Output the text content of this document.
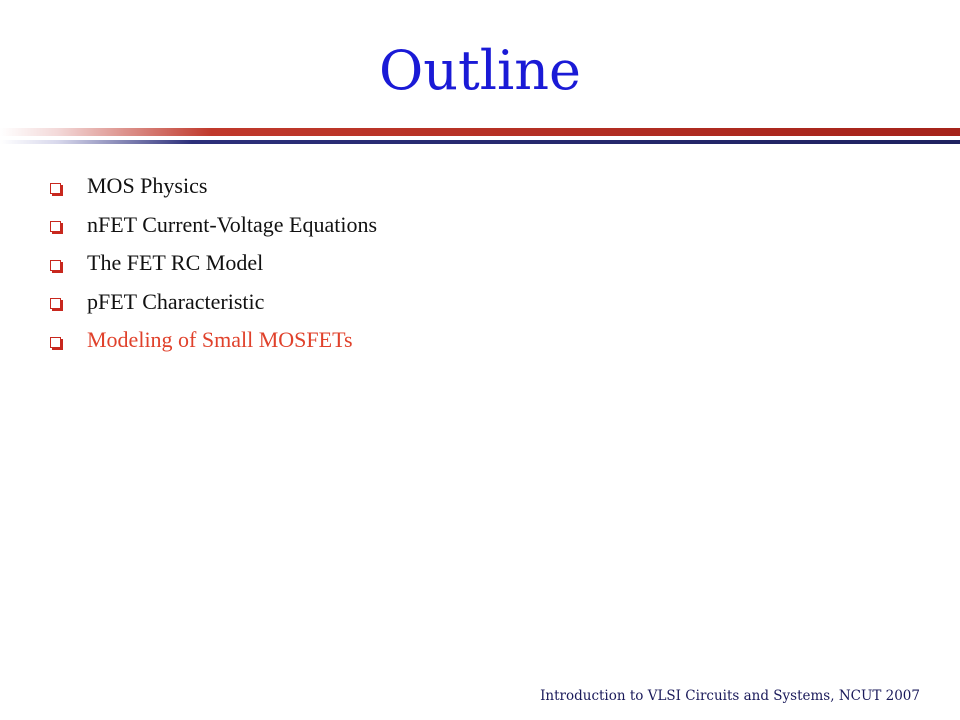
Outline
MOS Physics
nFET Current-Voltage Equations
The FET RC Model
pFET Characteristic
Modeling of Small MOSFETs
Introduction to VLSI Circuits and Systems, NCUT 2007
